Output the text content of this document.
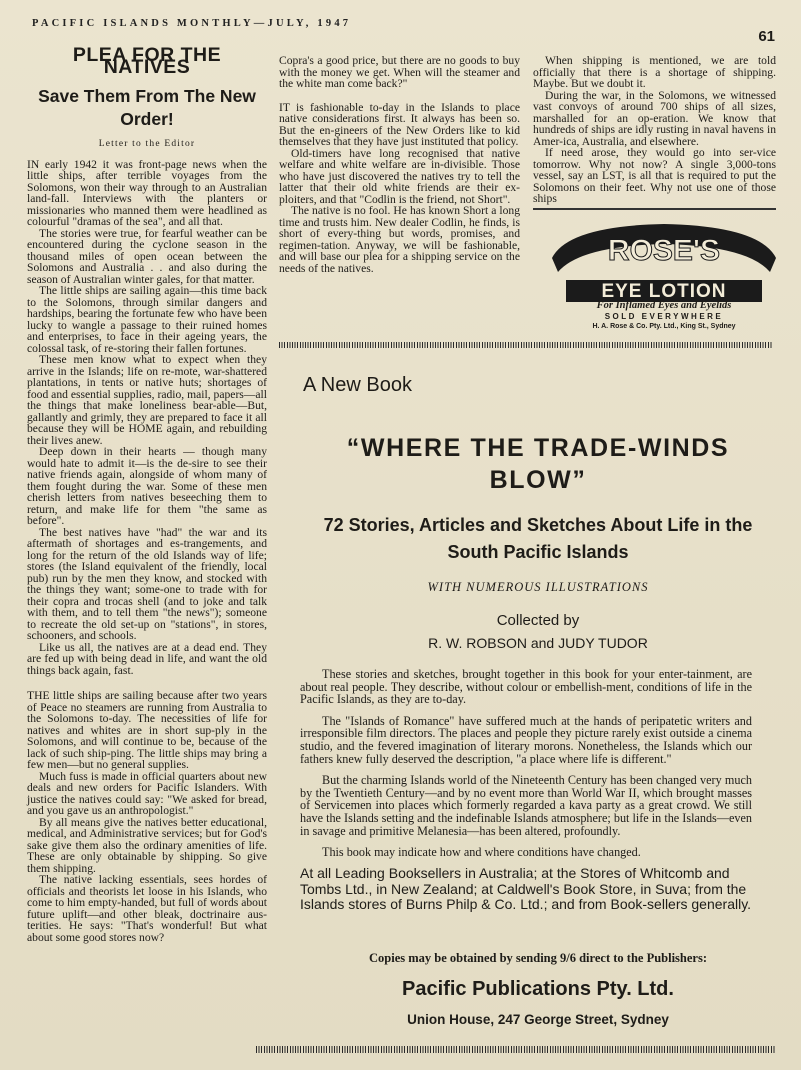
PACIFIC ISLANDS MONTHLY—JULY, 1947
61
PLEA FOR THE NATIVES
Save Them From The New Order!
Letter to the Editor

IN early 1942 it was front-page news when the little ships, after terrible voyages from the Solomons, won their way through to an Australian land-fall. Interviews with the planters or missionaries who manned them were headlined as colourful "dramas of the sea", and all that.

The stories were true, for fearful weather can be encountered during the cyclone season in the thousand miles of open ocean between the Solomons and Australia . . and also during the season of Australian winter gales, for that matter.

The little ships are sailing again—this time back to the Solomons, through similar dangers and hardships, bearing the fortunate few who have been lucky to wangle a passage to their ruined homes and enterprises, to face in their ageing years, the colossal task, of re-storing their fallen fortunes.

These men know what to expect when they arrive in the Islands; life on re-mote, war-shattered plantations, in tents or native huts; shortages of food and essential supplies, radio, mail, papers—all the things that make loneliness bear-able—But, gallantly and grimly, they are prepared to face it all because they will be HOME again, and rebuilding their lives anew.

Deep down in their hearts — though many would hate to admit it—is the de-sire to see their native friends again, alongside of whom many of them fought during the war. Some of these men cherish letters from natives beseeching them to return, and make life for them "the same as before".

The best natives have "had" the war and its aftermath of shortages and es-trangements, and long for the return of the old Islands way of life; stores (the Island equivalent of the friendly, local pub) run by the men they know, and stocked with the things they want; some-one to trade with for their copra and trocas shell (and to joke and talk with them, and to tell them "the news"); someone to recreate the old set-up on "stations", in stores, schooners, and schools.

Like us all, the natives are at a dead end. They are fed up with being dead in life, and want the old things back again, fast.

THE little ships are sailing because after two years of Peace no steamers are running from Australia to the Solomons to-day. The necessities of life for natives and whites are in short sup-ply in the Solomons, and will continue to be, because of the lack of such ship-ping. The little ships may bring a few men—but no general supplies.

Much fuss is made in official quarters about new deals and new orders for Pacific Islanders. With justice the natives could say: "We asked for bread, and you gave us an anthropologist."

By all means give the natives better educational, medical, and Administrative services; but for God's sake give them also the ordinary amenities of life. These are only obtainable by shipping. So give them shipping.

The native lacking essentials, sees hordes of officials and theorists let loose in his Islands, who come to him empty-handed, but full of words about future uplift—and other bleak, doctrinaire aus-terities. He says: "That's wonderful! But what about some good stores now?

Copra's a good price, but there are no goods to buy with the money we get. When will the steamer and the white man come back?"

IT is fashionable to-day in the Islands to place native considerations first. It always has been so. But the en-gineers of the New Orders like to kid themselves that they have just instituted that policy.

Old-timers have long recognised that native welfare and white welfare are in-divisible. Those who have just discovered the natives try to tell the latter that their old white friends are their ex-ploiters, and that "Codlin is the friend, not Short".

The native is no fool. He has known Short a long time and trusts him. New dealer Codlin, he finds, is short of every-thing but words, promises, and regimen-tation. Anyway, we will be fashionable, and will base our plea for a shipping service on the needs of the natives.

When shipping is mentioned, we are told officially that there is a shortage of shipping. Maybe. But we doubt it.

During the war, in the Solomons, we witnessed vast convoys of around 700 ships of all sizes, marshalled for an op-eration. We know that hundreds of ships are idly rusting in naval havens in Amer-ica, Australia, and elsewhere.

If need arose, they would go into ser-vice tomorrow. Why not now? A single 3,000-tons vessel, say an LST, is all that is required to put the Solomons on their feet. Why not use one of those ships

ROSE'S
EYE LOTION
For Inflamed Eyes and Eyelids
SOLD EVERYWHERE
H. A. Rose & Co. Pty. Ltd., King St., Sydney
A New Book
“WHERE THE TRADE-WINDS BLOW”
72 Stories, Articles and Sketches About Life in the South Pacific Islands
WITH NUMEROUS ILLUSTRATIONS
Collected by
R. W. ROBSON and JUDY TUDOR

These stories and sketches, brought together in this book for your enter-tainment, are about real people. They describe, without colour or embellish-ment, conditions of life in the Pacific Islands, as they are to-day.

The "Islands of Romance" have suffered much at the hands of peripatetic writers and irresponsible film directors. The places and people they picture rarely exist outside a cinema studio, and the fevered imagination of literary morons. Nonetheless, the Islands which our fathers knew fully deserved the description, "a place where life is different."

But the charming Islands world of the Nineteenth Century has been changed very much by the Twentieth Century—and by no event more than World War II, which brought masses of Servicemen into places which formerly regarded a kava party as a great crowd. We still have the Islands setting and the indefinable Islands atmosphere; but life in the Islands—even in savage and primitive Melanesia—has been altered, profoundly.

This book may indicate how and where conditions have changed.

At all Leading Booksellers in Australia; at the Stores of Whitcomb and Tombs Ltd., in New Zealand; at Caldwell's Book Store, in Suva; from the Islands stores of Burns Philp & Co. Ltd.; and from Book-sellers generally.
Copies may be obtained by sending 9/6 direct to the Publishers:
Pacific Publications Pty. Ltd.
Union House, 247 George Street, Sydney
